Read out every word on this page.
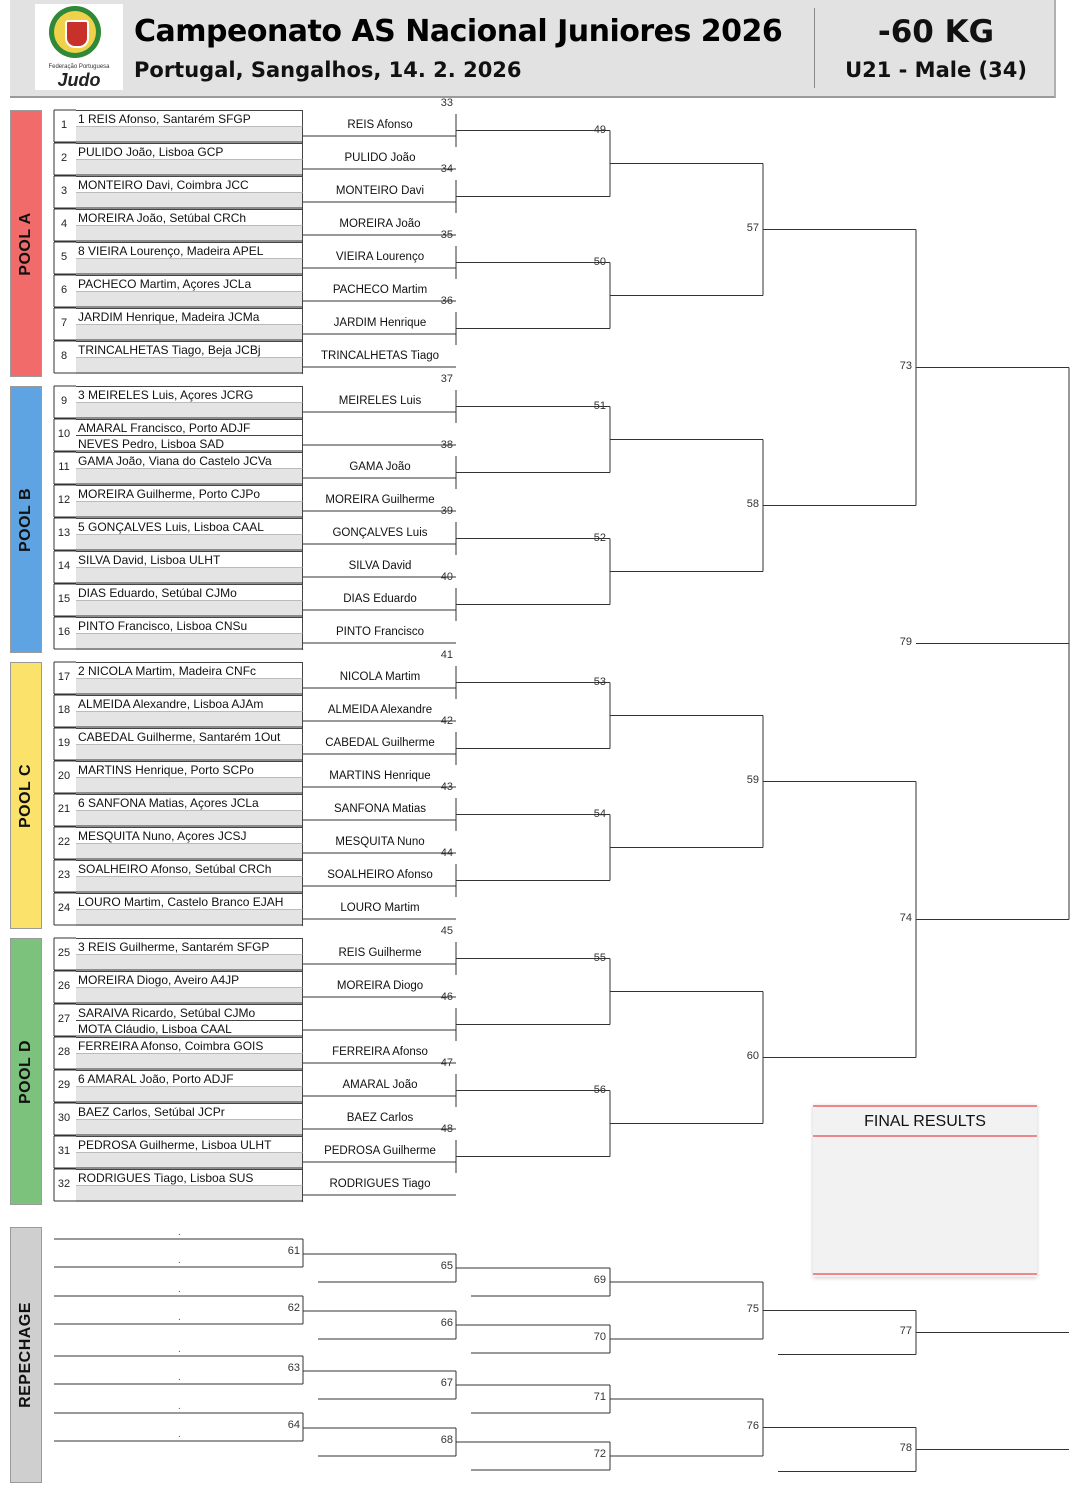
Federação Portuguesa
Judo
Campeonato AS Nacional Juniores 2026
Portugal, Sangalhos, 14. 2. 2026
-60 KG
U21 - Male (34)
POOL A
1 1 REIS Afonso, Santarém SFGP
2 PULIDO João, Lisboa GCP
3 MONTEIRO Davi, Coimbra JCC
4 MOREIRA João, Setúbal CRCh
5 8 VIEIRA Lourenço, Madeira APEL
6 PACHECO Martim, Açores JCLa
7 JARDIM Henrique, Madeira JCMa
8 TRINCALHETAS Tiago, Beja JCBj
POOL B
9 3 MEIRELES Luis, Açores JCRG
10 AMARAL Francisco, Porto ADJF
NEVES Pedro, Lisboa SAD
11 GAMA João, Viana do Castelo JCVa
12 MOREIRA Guilherme, Porto CJPo
13 5 GONÇALVES Luis, Lisboa CAAL
14 SILVA David, Lisboa ULHT
15 DIAS Eduardo, Setúbal CJMo
16 PINTO Francisco, Lisboa CNSu
POOL C
17 2 NICOLA Martim, Madeira CNFc
18 ALMEIDA Alexandre, Lisboa AJAm
19 CABEDAL Guilherme, Santarém 1Out
20 MARTINS Henrique, Porto SCPo
21 6 SANFONA Matias, Açores JCLa
22 MESQUITA Nuno, Açores JCSJ
23 SOALHEIRO Afonso, Setúbal CRCh
24 LOURO Martim, Castelo Branco EJAH
POOL D
25 3 REIS Guilherme, Santarém SFGP
26 MOREIRA Diogo, Aveiro A4JP
27 SARAIVA Ricardo, Setúbal CJMo
MOTA Cláudio, Lisboa CAAL
28 FERREIRA Afonso, Coimbra GOIS
29 6 AMARAL João, Porto ADJF
30 BAEZ Carlos, Setúbal JCPr
31 PEDROSA Guilherme, Lisboa ULHT
32 RODRIGUES Tiago, Lisboa SUS
REIS Afonso
PULIDO João
MONTEIRO Davi
MOREIRA João
VIEIRA Lourenço
PACHECO Martim
JARDIM Henrique
TRINCALHETAS Tiago
MEIRELES Luis
GAMA João
MOREIRA Guilherme
GONÇALVES Luis
SILVA David
DIAS Eduardo
PINTO Francisco
NICOLA Martim
ALMEIDA Alexandre
CABEDAL Guilherme
MARTINS Henrique
SANFONA Matias
MESQUITA Nuno
SOALHEIRO Afonso
LOURO Martim
REIS Guilherme
MOREIRA Diogo
FERREIRA Afonso
AMARAL João
BAEZ Carlos
PEDROSA Guilherme
RODRIGUES Tiago
33
34
35
36
37
38
39
40
41
42
43
44
45
46
47
48
49
50
51
52
53
54
55
56
57
58
59
60
73
74
79
REPECHAGE
.
.
.
.
.
.
.
.
61
62
63
64
65
66
67
68
69
70
71
72
75
76
77
78
FINAL RESULTS
